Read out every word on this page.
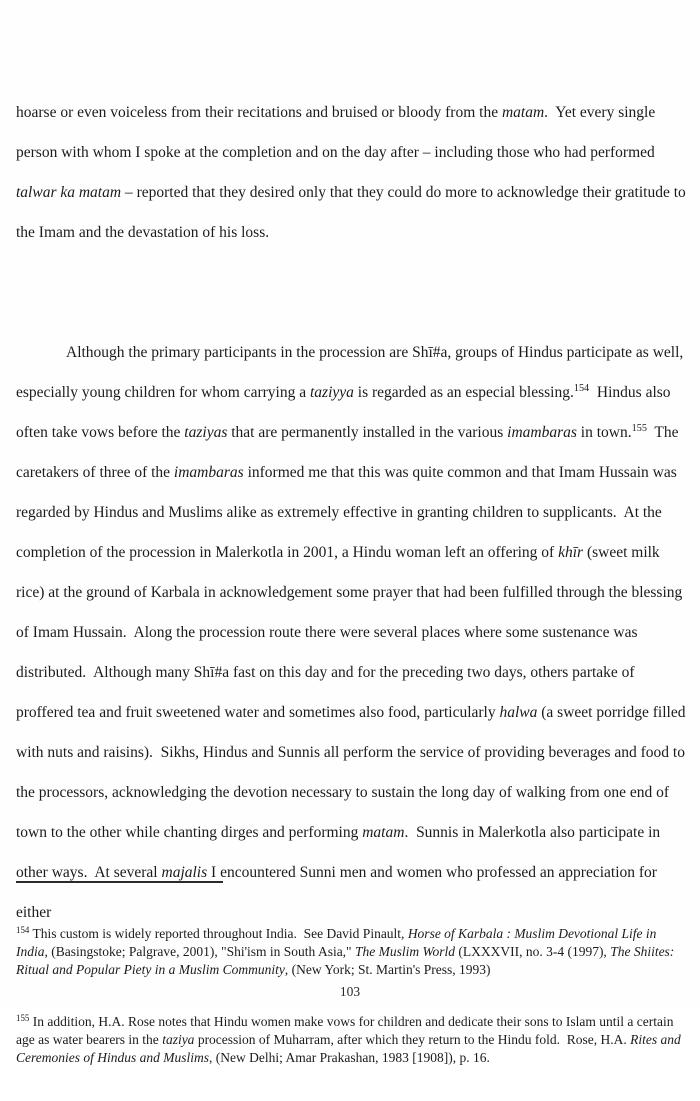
hoarse or even voiceless from their recitations and bruised or bloody from the matam.  Yet every single person with whom I spoke at the completion and on the day after – including those who had performed talwar ka matam – reported that they desired only that they could do more to acknowledge their gratitude to the Imam and the devastation of his loss.

Although the primary participants in the procession are Shī#a, groups of Hindus participate as well, especially young children for whom carrying a taziyya is regarded as an especial blessing.$^{154}$  Hindus also often take vows before the taziyas that are permanently installed in the various imambaras in town.$^{155}$  The caretakers of three of the imambaras informed me that this was quite common and that Imam Hussain was regarded by Hindus and Muslims alike as extremely effective in granting children to supplicants.  At the completion of the procession in Malerkotla in 2001, a Hindu woman left an offering of khīr (sweet milk rice) at the ground of Karbala in acknowledgement some prayer that had been fulfilled through the blessing of Imam Hussain.  Along the procession route there were several places where some sustenance was distributed.  Although many Shī#a fast on this day and for the preceding two days, others partake of proffered tea and fruit sweetened water and sometimes also food, particularly halwa (a sweet porridge filled with nuts and raisins).  Sikhs, Hindus and Sunnis all perform the service of providing beverages and food to the processors, acknowledging the devotion necessary to sustain the long day of walking from one end of town to the other while chanting dirges and performing matam.  Sunnis in Malerkotla also participate in other ways.  At several majalis I encountered Sunni men and women who professed an appreciation for either

$^{154}$ This custom is widely reported throughout India.  See David Pinault, Horse of Karbala : Muslim Devotional Life in India, (Basingstoke; Palgrave, 2001), "Shi'ism in South Asia," The Muslim World (LXXXVII, no. 3-4 (1997), The Shiites: Ritual and Popular Piety in a Muslim Community, (New York; St. Martin's Press, 1993)

$^{155}$ In addition, H.A. Rose notes that Hindu women make vows for children and dedicate their sons to Islam until a certain age as water bearers in the taziya procession of Muharram, after which they return to the Hindu fold.  Rose, H.A. Rites and Ceremonies of Hindus and Muslims, (New Delhi; Amar Prakashan, 1983 [1908]), p. 16.

103
